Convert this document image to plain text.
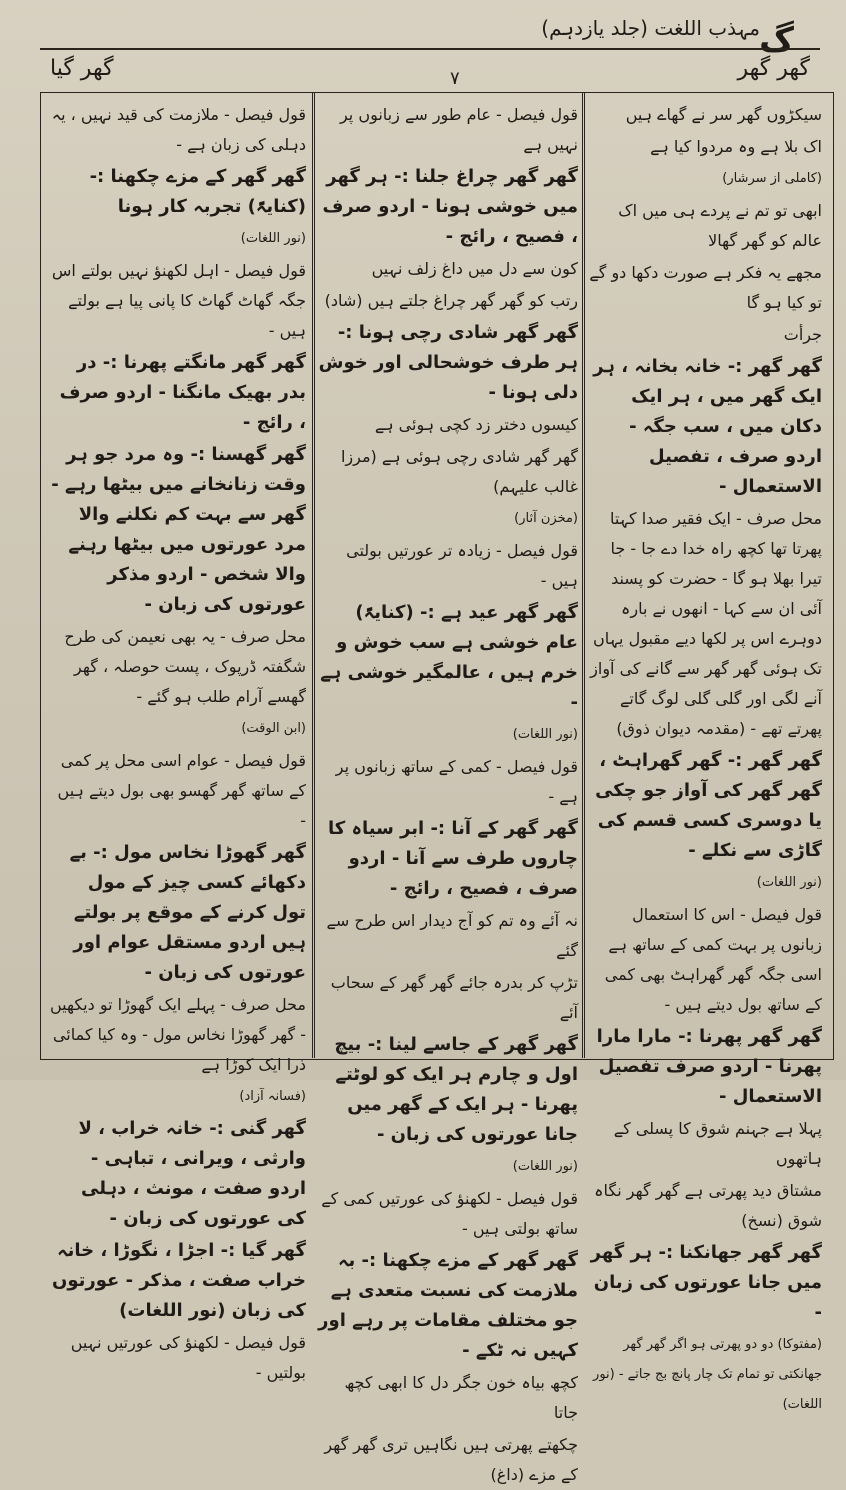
گ
مہذب اللغت (جلد یازدہم)
گھر گیا	۷	گھر گھر

سیکڑوں گھر سر نے گھاے ہیں

اک بلا ہے وہ مردوا کیا ہے

(کاملی از سرشار)

ابھی تو تم نے پردے ہی میں اک عالم کو گھر گھالا

مجھے یہ فکر ہے صورت دکھا دو گے تو کیا ہو گا

جرأت

گھر گھر :- خانہ بخانہ ، ہر ایک گھر میں ، ہر ایک دکان میں ، سب جگہ - اردو صرف ، تفصیل الاستعمال -

محل صرف - ایک فقیر صدا کہتا پھرتا تھا کچھ راہ خدا دے جا - جا تیرا بھلا ہو گا - حضرت کو پسند آئی ان سے کہا - انھوں نے بارہ دوہرے اس پر لکھا دیے مقبول یہاں تک ہوئی گھر گھر سے گانے کی آواز آنے لگی اور گلی گلی لوگ گاتے پھرتے تھے - (مقدمہ دیوان ذوق)

گھر گھر :- گھر گھراہٹ ، گھر گھر کی آواز جو چکی یا دوسری کسی قسم کی گاڑی سے نکلے -

(نور اللغات)

قول فیصل - اس کا استعمال زبانوں پر بہت کمی کے ساتھ ہے اسی جگہ گھر گھراہٹ بھی کمی کے ساتھ بول دیتے ہیں -

گھر گھر پھرنا :- مارا مارا پھرنا - اردو صرف تفصیل الاستعمال -

پہلا ہے جہنم شوق کا پسلی کے ہاتھوں

مشتاق دید پھرتی ہے گھر گھر نگاہ شوق (نسخ)

گھر گھر جھانکنا :- ہر گھر میں جانا عورتوں کی زبان -

(مفتوکا) دو دو پھرتی ہو اگر گھر گھر جھانکتی تو تمام تک چار پانچ بج جاتے - (نور اللغات)

قول فیصل - عام طور سے زبانوں پر نہیں ہے

گھر گھر چراغ جلنا :- ہر گھر میں خوشی ہونا - اردو صرف ، فصیح ، رائج -

کون سے دل میں داغ زلف نہیں

رتب کو گھر گھر چراغ جلتے ہیں (شاد)

گھر گھر شادی رچی ہونا :- ہر طرف خوشحالی اور خوش دلی ہونا -

کیسوں دختر زد کچی ہوئی ہے

گھر گھر شادی رچی ہوئی ہے (مرزا غالب علیہم)

(مخزن آثار)

قول فیصل - زیادہ تر عورتیں بولتی ہیں -

گھر گھر عید ہے :- (کنایۃً) عام خوشی ہے سب خوش و خرم ہیں ، عالمگیر خوشی ہے -

(نور اللغات)

قول فیصل - کمی کے ساتھ زبانوں پر ہے -

گھر گھر کے آنا :- ابر سیاہ کا چاروں طرف سے آنا - اردو صرف ، فصیح ، رائج -

نہ آئے وہ تم کو آج دیدار اس طرح سے گئے

تڑپ کر بدرہ جائے گھر گھر کے سحاب آئے

گھر گھر کے جاسے لینا :- بیچ اول و چارم ہر ایک کو لوٹتے پھرنا - ہر ایک کے گھر میں جانا عورتوں کی زبان -

(نور اللغات)

قول فیصل - لکھنؤ کی عورتیں کمی کے ساتھ بولتی ہیں -

گھر گھر کے مزے چکھنا :- بہ ملازمت کی نسبت متعدی ہے جو مختلف مقامات پر رہے اور کہیں نہ ٹکے -

کچھ بیاہ خون جگر دل کا ابھی کچھ جاتا

چکھتے پھرتی ہیں نگاہیں تری گھر گھر کے مزے (داغ)

قول فیصل - ملازمت کی قید نہیں ، یہ دہلی کی زبان ہے -

گھر گھر کے مزے چکھنا :- (کنایۃً) تجربہ کار ہونا

(نور اللغات)

قول فیصل - اہل لکھنؤ نہیں بولتے اس جگہ گھاٹ گھاٹ کا پانی پیا ہے بولتے ہیں -

گھر گھر مانگتے پھرنا :- در بدر بھیک مانگنا - اردو صرف ، رائج -

گھر گھسنا :- وہ مرد جو ہر وقت زنانخانے میں بیٹھا رہے - گھر سے بہت کم نکلنے والا مرد عورتوں میں بیٹھا رہنے والا شخص - اردو مذکر عورتوں کی زبان -

محل صرف - یہ بھی نعیمن کی طرح شگفتہ ڈرپوک ، پست حوصلہ ، گھر گھسے آرام طلب ہو گئے -

(ابن الوقت)

قول فیصل - عوام اسی محل پر کمی کے ساتھ گھر گھسو بھی بول دیتے ہیں -

گھر گھوڑا نخاس مول :- بے دکھائے کسی چیز کے مول تول کرنے کے موقع پر بولتے ہیں اردو مستقل عوام اور عورتوں کی زبان -

محل صرف - پہلے ایک گھوڑا تو دیکھیں - گھر گھوڑا نخاس مول - وہ کیا کمائی ذرا ایک کوڑا ہے

(فسانہ آزاد)

گھر گنی :- خانہ خراب ، لا وارثی ، ویرانی ، تباہی - اردو صفت ، مونث ، دہلی کی عورتوں کی زبان -

گھر گیا :- اجڑا ، نگوڑا ، خانہ خراب صفت ، مذکر - عورتوں کی زبان (نور اللغات)

قول فیصل - لکھنؤ کی عورتیں نہیں بولتیں -
